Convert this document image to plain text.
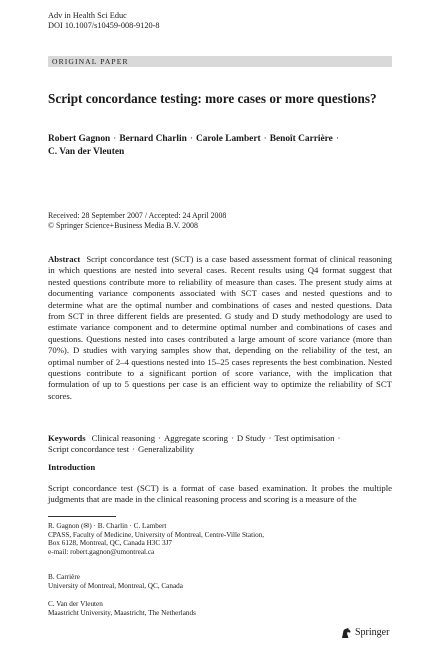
Adv in Health Sci Educ
DOI 10.1007/s10459-008-9120-8
ORIGINAL PAPER
Script concordance testing: more cases or more questions?
Robert Gagnon · Bernard Charlin · Carole Lambert · Benoît Carrière ·
C. Van der Vleuten
Received: 28 September 2007 / Accepted: 24 April 2008
© Springer Science+Business Media B.V. 2008
Abstract Script concordance test (SCT) is a case based assessment format of clinical reasoning in which questions are nested into several cases. Recent results using Q4 format suggest that nested questions contribute more to reliability of measure than cases. The present study aims at documenting variance components associated with SCT cases and nested questions and to determine what are the optimal number and combinations of cases and nested questions. Data from SCT in three different fields are presented. G study and D study methodology are used to estimate variance component and to determine optimal number and combinations of cases and questions. Questions nested into cases contributed a large amount of score variance (more than 70%). D studies with varying samples show that, depending on the reliability of the test, an optimal number of 2–4 questions nested into 15–25 cases represents the best combination. Nested questions contribute to a significant portion of score variance, with the implication that formulation of up to 5 questions per case is an efficient way to optimize the reliability of SCT scores.
Keywords Clinical reasoning · Aggregate scoring · D Study · Test optimisation ·
Script concordance test · Generalizability
Introduction
Script concordance test (SCT) is a format of case based examination. It probes the multiple judgments that are made in the clinical reasoning process and scoring is a measure of the
R. Gagnon (✉) · B. Charlin · C. Lambert
CPASS, Faculty of Medicine, University of Montreal, Centre-Ville Station,
Box 6128, Montreal, QC, Canada H3C 3J7
e-mail: robert.gagnon@umontreal.ca
B. Carrière
University of Montreal, Montreal, QC, Canada
C. Van der Vleuten
Maastricht University, Maastricht, The Netherlands
Springer
